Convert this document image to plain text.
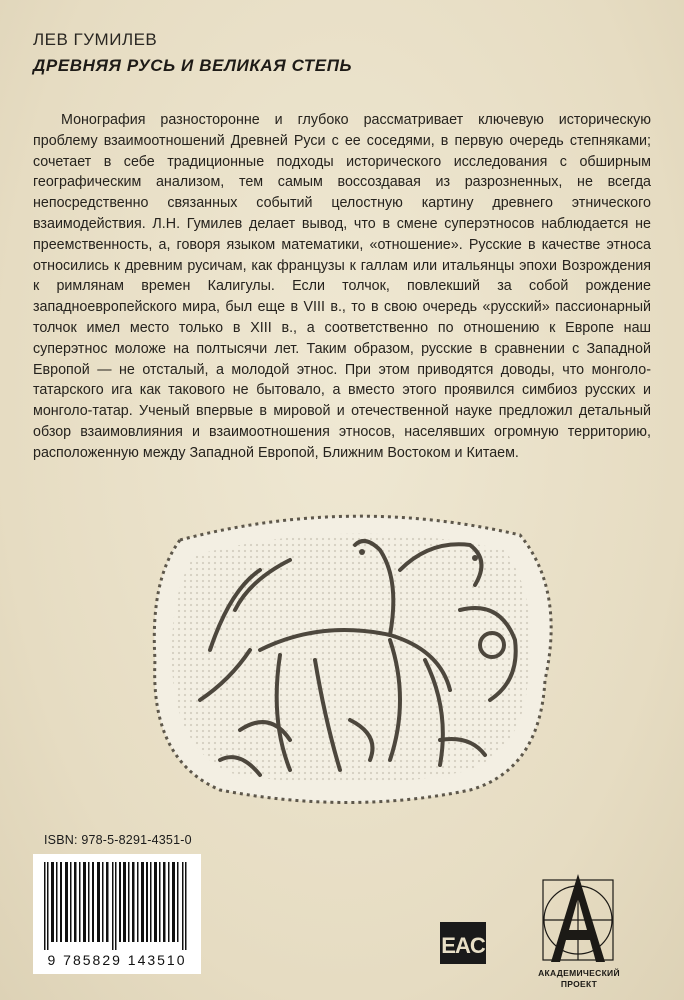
ЛЕВ ГУМИЛЕВ
ДРЕВНЯЯ РУСЬ И ВЕЛИКАЯ СТЕПЬ

Монография разносторонне и глубоко рассматривает ключевую историческую проблему взаимоотношений Древней Руси с ее соседями, в первую очередь степняками; сочетает в себе традиционные подходы исторического исследования с обширным географическим анализом, тем самым воссоздавая из разрозненных, не всегда непосредственно связанных событий целостную картину древнего этнического взаимодействия. Л.Н. Гумилев делает вывод, что в смене суперэтносов наблюдается не преемственность, а, говоря языком математики, «отношение». Русские в качестве этноса относились к древним русичам, как французы к галлам или итальянцы эпохи Возрождения к римлянам времен Калигулы. Если толчок, повлекший за собой рождение западноевропейского мира, был еще в VIII в., то в свою очередь «русский» пассионарный толчок имел место только в XIII в., а соответственно по отношению к Европе наш суперэтнос моложе на полтысячи лет. Таким образом, русские в сравнении с Западной Европой — не отсталый, а молодой этнос. При этом приводятся доводы, что монголо-татарского ига как такового не бытовало, а вместо этого проявился симбиоз русских и монголо-татар. Ученый впервые в мировой и отечественной науке предложил детальный обзор взаимовлияния и взаимоотношения этносов, населявших огромную территорию, расположенную между Западной Европой, Ближним Востоком и Китаем.

ISBN: 978-5-8291-4351-0
9 785829 143510
EAC
АКАДЕМИЧЕСКИЙ
ПРОЕКТ
